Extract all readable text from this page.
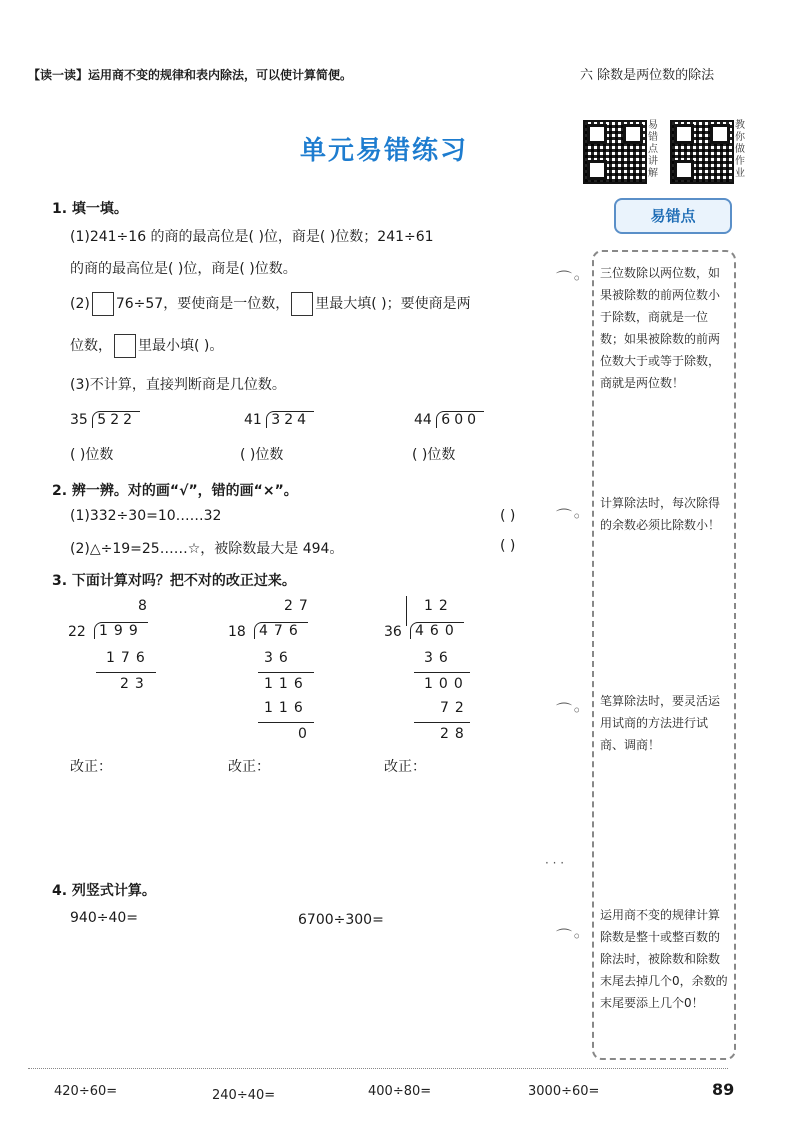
【读一读】运用商不变的规律和表内除法，可以使计算简便。	六 除数是两位数的除法
单元易错练习
易错点讲解
教你做作业
易错点
三位数除以两位数，如果被除数的前两位数小于除数，商就是一位数；如果被除数的前两位数大于或等于除数，商就是两位数！
计算除法时，每次除得的余数必须比除数小！
笔算除法时，要灵活运用试商的方法进行试商、调商！
运用商不变的规律计算除数是整十或整百数的除法时，被除数和除数末尾去掉几个0，余数的末尾要添上几个0！
⌒◦
⌒◦
⌒◦
⌒◦
· · ·
1. 填一填。
(1)241÷16 的商的最高位是( )位，商是( )位数；241÷61
的商的最高位是( )位，商是( )位数。
(2) 76÷57，要使商是一位数， 里最大填( )；要使商是两
位数， 里最小填( )。
(3)不计算，直接判断商是几位数。
35 522	41 324	44 600
( )位数	( )位数	( )位数
2. 辨一辨。对的画“√”，错的画“×”。
(1)332÷30=10……32	( )
(2)△÷19=25……☆，被除数最大是 494。	( )
3. 下面计算对吗？把不对的改正过来。
8
22 199
176
23
27
18 476
36
116
116
0
12
36 460
36
100
72
28
改正：	改正：	改正：
4. 列竖式计算。
940÷40=	6700÷300=
420÷60=	240÷40=	400÷80=	3000÷60=	89
